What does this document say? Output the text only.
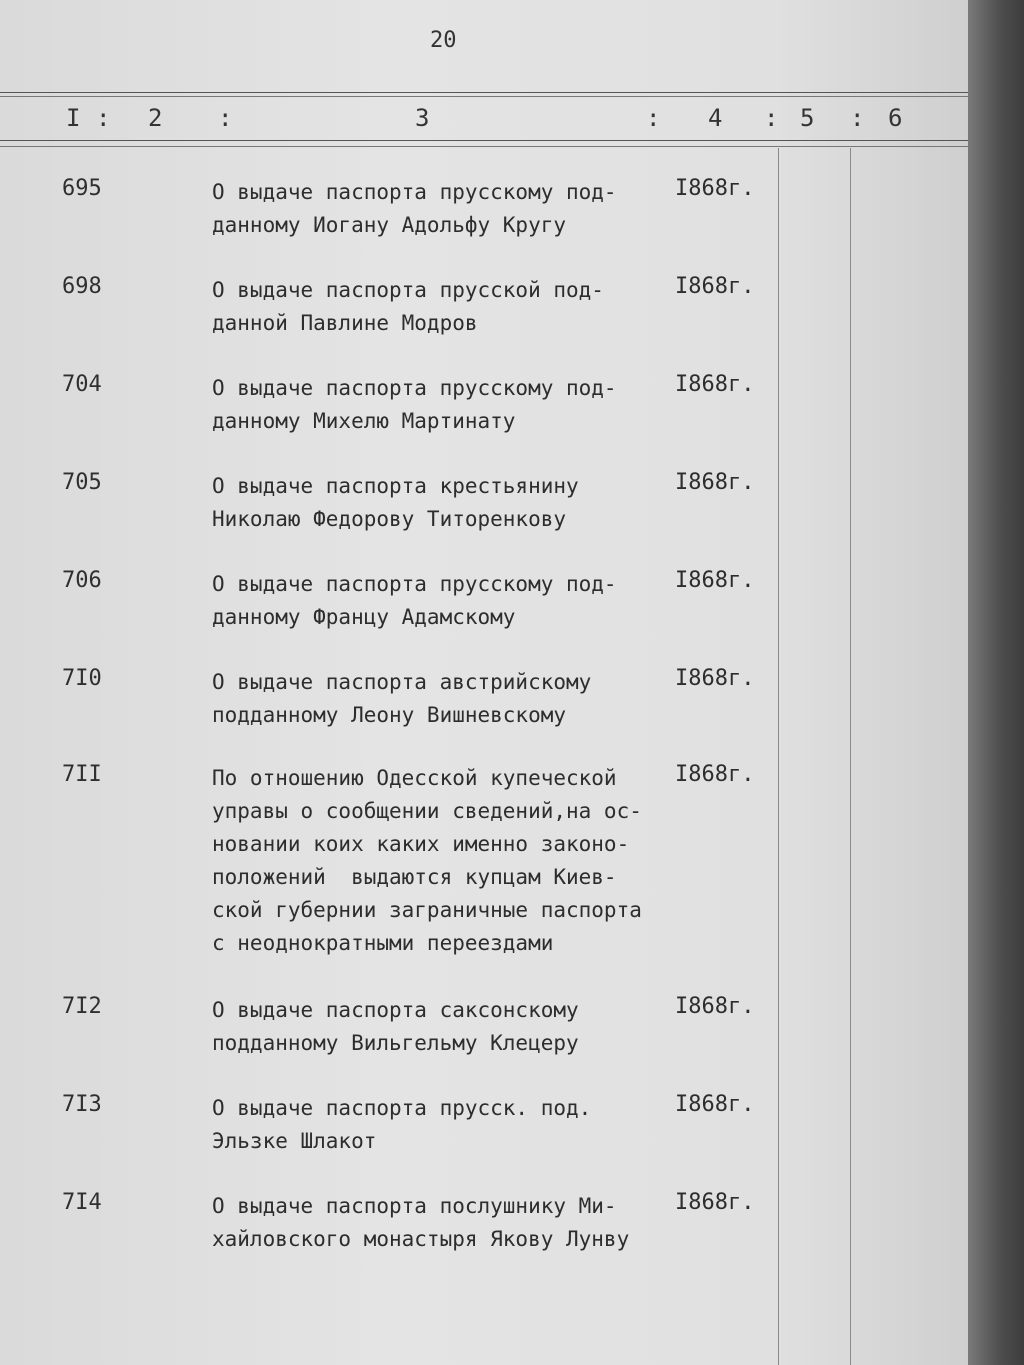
20
I : 2 :	3	: 4 : 5 : 6
695	О выдаче паспорта прусскому под-
данному Иогану Адольфу Кругу
I868г.
698	О выдаче паспорта прусской под-
данной Павлине Модров
I868г.
704	О выдаче паспорта прусскому под-
данному Михелю Мартинату
I868г.
705	О выдаче паспорта крестьянину
Николаю Федорову Титоренкову
I868г.
706	О выдаче паспорта прусскому под-
данному Францу Адамскому
I868г.
7I0	О выдаче паспорта австрийскому
подданному Леону Вишневскому
I868г.
7II	По отношению Одесской купеческой
управы о сообщении сведений,на ос-
новании коих каких именно законо-
положений  выдаются купцам Киев-
ской губернии заграничные паспорта
с неоднократными переездами
I868г.
7I2	О выдаче паспорта саксонскому
подданному Вильгельму Клецеру
I868г.
7I3	О выдаче паспорта прусск. под.
Эльзке Шлакот
I868г.
7I4	О выдаче паспорта послушнику Ми-
хайловского монастыря Якову Лунву
I868г.
